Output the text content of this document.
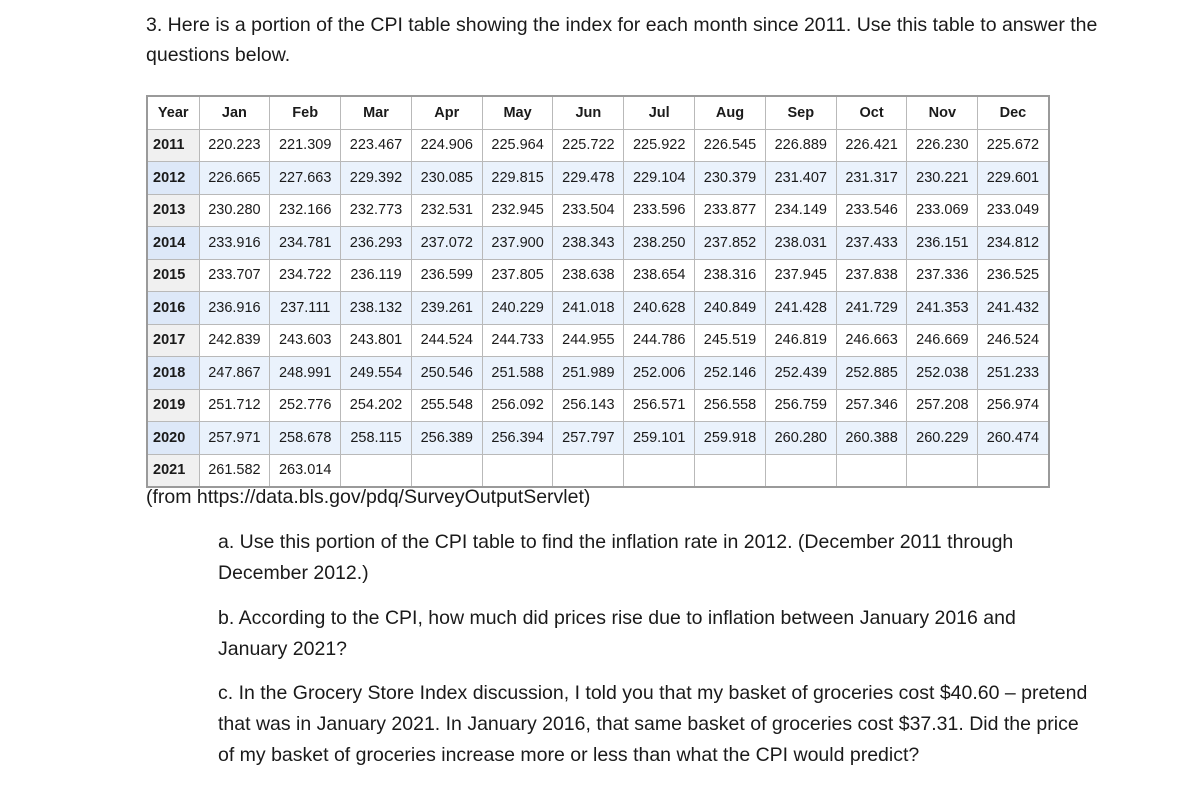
3. Here is a portion of the CPI table showing the index for each month since 2011. Use this table to answer the questions below.

Year	Jan	Feb	Mar	Apr	May	Jun	Jul	Aug	Sep	Oct	Nov	Dec
2011	220.223	221.309	223.467	224.906	225.964	225.722	225.922	226.545	226.889	226.421	226.230	225.672
2012	226.665	227.663	229.392	230.085	229.815	229.478	229.104	230.379	231.407	231.317	230.221	229.601
2013	230.280	232.166	232.773	232.531	232.945	233.504	233.596	233.877	234.149	233.546	233.069	233.049
2014	233.916	234.781	236.293	237.072	237.900	238.343	238.250	237.852	238.031	237.433	236.151	234.812
2015	233.707	234.722	236.119	236.599	237.805	238.638	238.654	238.316	237.945	237.838	237.336	236.525
2016	236.916	237.111	238.132	239.261	240.229	241.018	240.628	240.849	241.428	241.729	241.353	241.432
2017	242.839	243.603	243.801	244.524	244.733	244.955	244.786	245.519	246.819	246.663	246.669	246.524
2018	247.867	248.991	249.554	250.546	251.588	251.989	252.006	252.146	252.439	252.885	252.038	251.233
2019	251.712	252.776	254.202	255.548	256.092	256.143	256.571	256.558	256.759	257.346	257.208	256.974
2020	257.971	258.678	258.115	256.389	256.394	257.797	259.101	259.918	260.280	260.388	260.229	260.474
2021	261.582	263.014										

(from https://data.bls.gov/pdq/SurveyOutputServlet)

a. Use this portion of the CPI table to find the inflation rate in 2012. (December 2011 through December 2012.)

b. According to the CPI, how much did prices rise due to inflation between January 2016 and January 2021?

c. In the Grocery Store Index discussion, I told you that my basket of groceries cost $40.60 – pretend that was in January 2021. In January 2016, that same basket of groceries cost $37.31. Did the price of my basket of groceries increase more or less than what the CPI would predict?
